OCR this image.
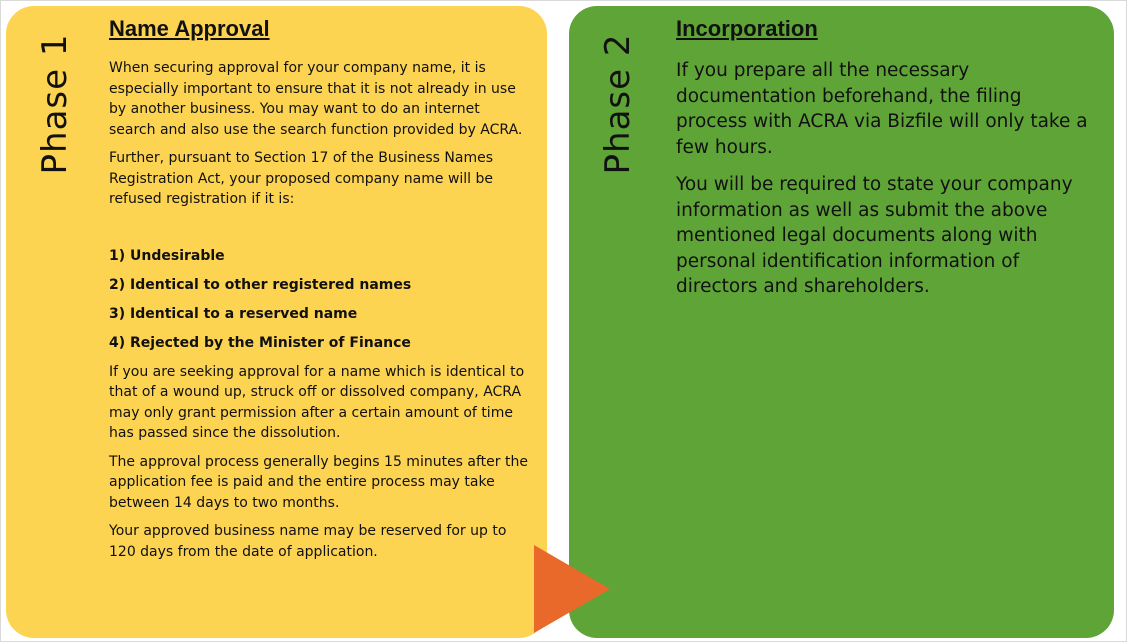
Phase 1
Name Approval

When securing approval for your company name, it is especially important to ensure that it is not already in use by another business. You may want to do an internet search and also use the search function provided by ACRA.

Further, pursuant to Section 17 of the Business Names Registration Act, your proposed company name will be refused registration if it is:

1) Undesirable
2) Identical to other registered names
3) Identical to a reserved name
4) Rejected by the Minister of Finance

If you are seeking approval for a name which is identical to that of a wound up, struck off or dissolved company, ACRA may only grant permission after a certain amount of time has passed since the dissolution.

The approval process generally begins 15 minutes after the application fee is paid and the entire process may take between 14 days to two months.

Your approved business name may be reserved for up to 120 days from the date of application.

Phase 2
Incorporation

If you prepare all the necessary documentation beforehand, the filing process with ACRA via Bizfile will only take a few hours.

You will be required to state your company information as well as submit the above mentioned legal documents along with personal identification information of directors and shareholders.
